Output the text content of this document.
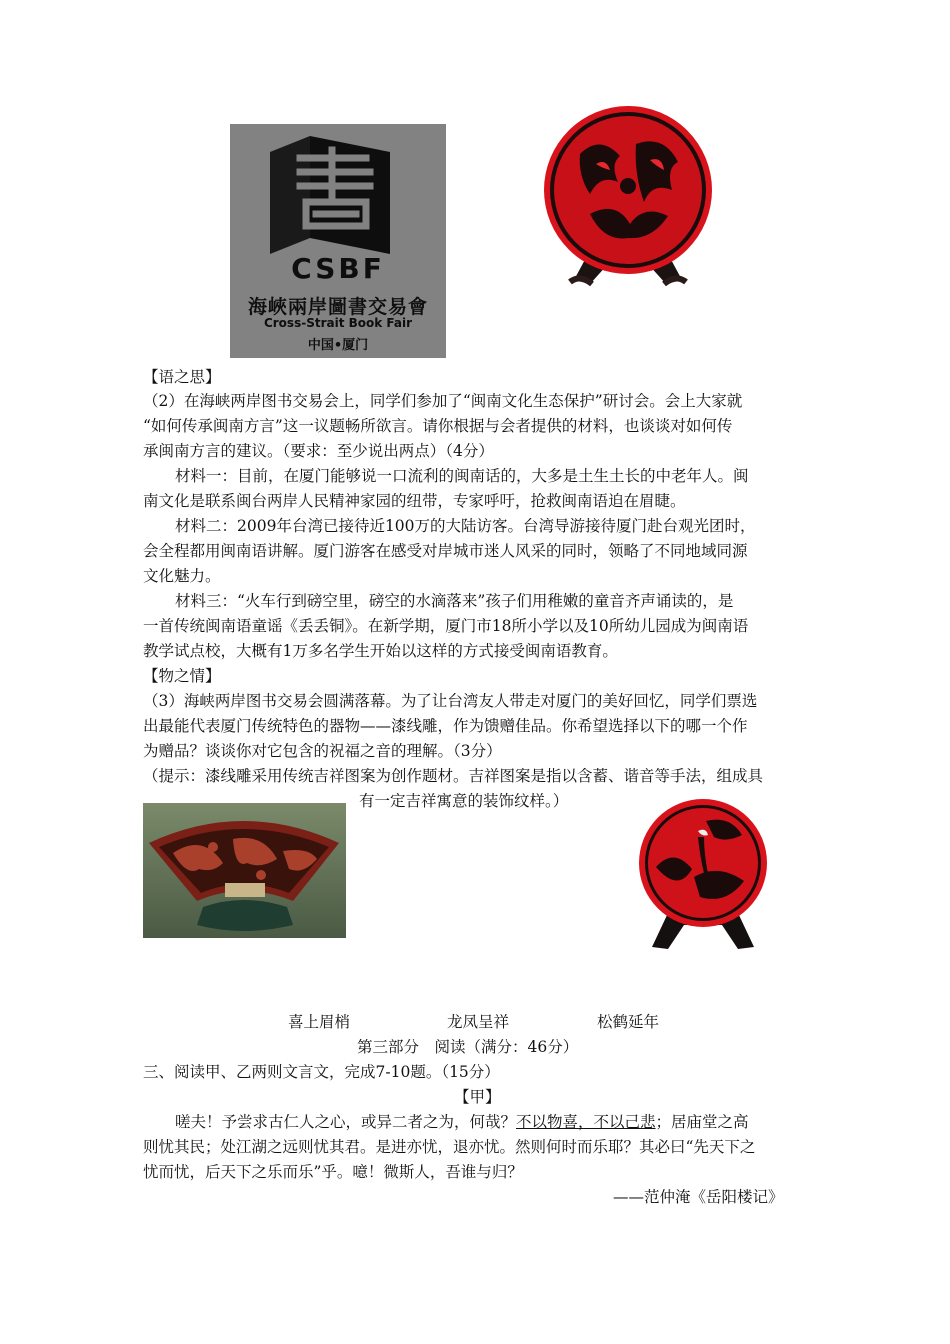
CSBF
海峽兩岸圖書交易會
Cross-Strait Book Fair
中国•厦门
【语之思】
（2）在海峡两岸图书交易会上，同学们参加了“闽南文化生态保护”研讨会。会上大家就
“如何传承闽南方言”这一议题畅所欲言。请你根据与会者提供的材料，也谈谈对如何传
承闽南方言的建议。（要求：至少说出两点）（4分）
材料一：目前，在厦门能够说一口流利的闽南话的，大多是土生土长的中老年人。闽
南文化是联系闽台两岸人民精神家园的纽带，专家呼吁，抢救闽南语迫在眉睫。
材料二：2009年台湾已接待近100万的大陆访客。台湾导游接待厦门赴台观光团时，
会全程都用闽南语讲解。厦门游客在感受对岸城市迷人风采的同时，领略了不同地域同源
文化魅力。
材料三：“火车行到磅空里，磅空的水滴落来”孩子们用稚嫩的童音齐声诵读的，是
一首传统闽南语童谣《丢丢铜》。在新学期，厦门市18所小学以及10所幼儿园成为闽南语
教学试点校，大概有1万多名学生开始以这样的方式接受闽南语教育。
【物之情】
（3）海峡两岸图书交易会圆满落幕。为了让台湾友人带走对厦门的美好回忆，同学们票选
出最能代表厦门传统特色的器物——漆线雕，作为馈赠佳品。你希望选择以下的哪一个作
为赠品？谈谈你对它包含的祝福之音的理解。（3分）
（提示：漆线雕采用传统吉祥图案为创作题材。吉祥图案是指以含蓄、谐音等手法，组成具
有一定吉祥寓意的装饰纹样。）
喜上眉梢	龙凤呈祥	松鹤延年
第三部分　阅读（满分：46分）
三、阅读甲、乙两则文言文，完成7-10题。（15分）
【甲】
嗟夫！予尝求古仁人之心，或异二者之为，何哉？不以物喜，不以己悲；居庙堂之高
则忧其民；处江湖之远则忧其君。是进亦忧，退亦忧。然则何时而乐耶？其必曰“先天下之
忧而忧，后天下之乐而乐”乎。噫！微斯人，吾谁与归？
——范仲淹《岳阳楼记》
